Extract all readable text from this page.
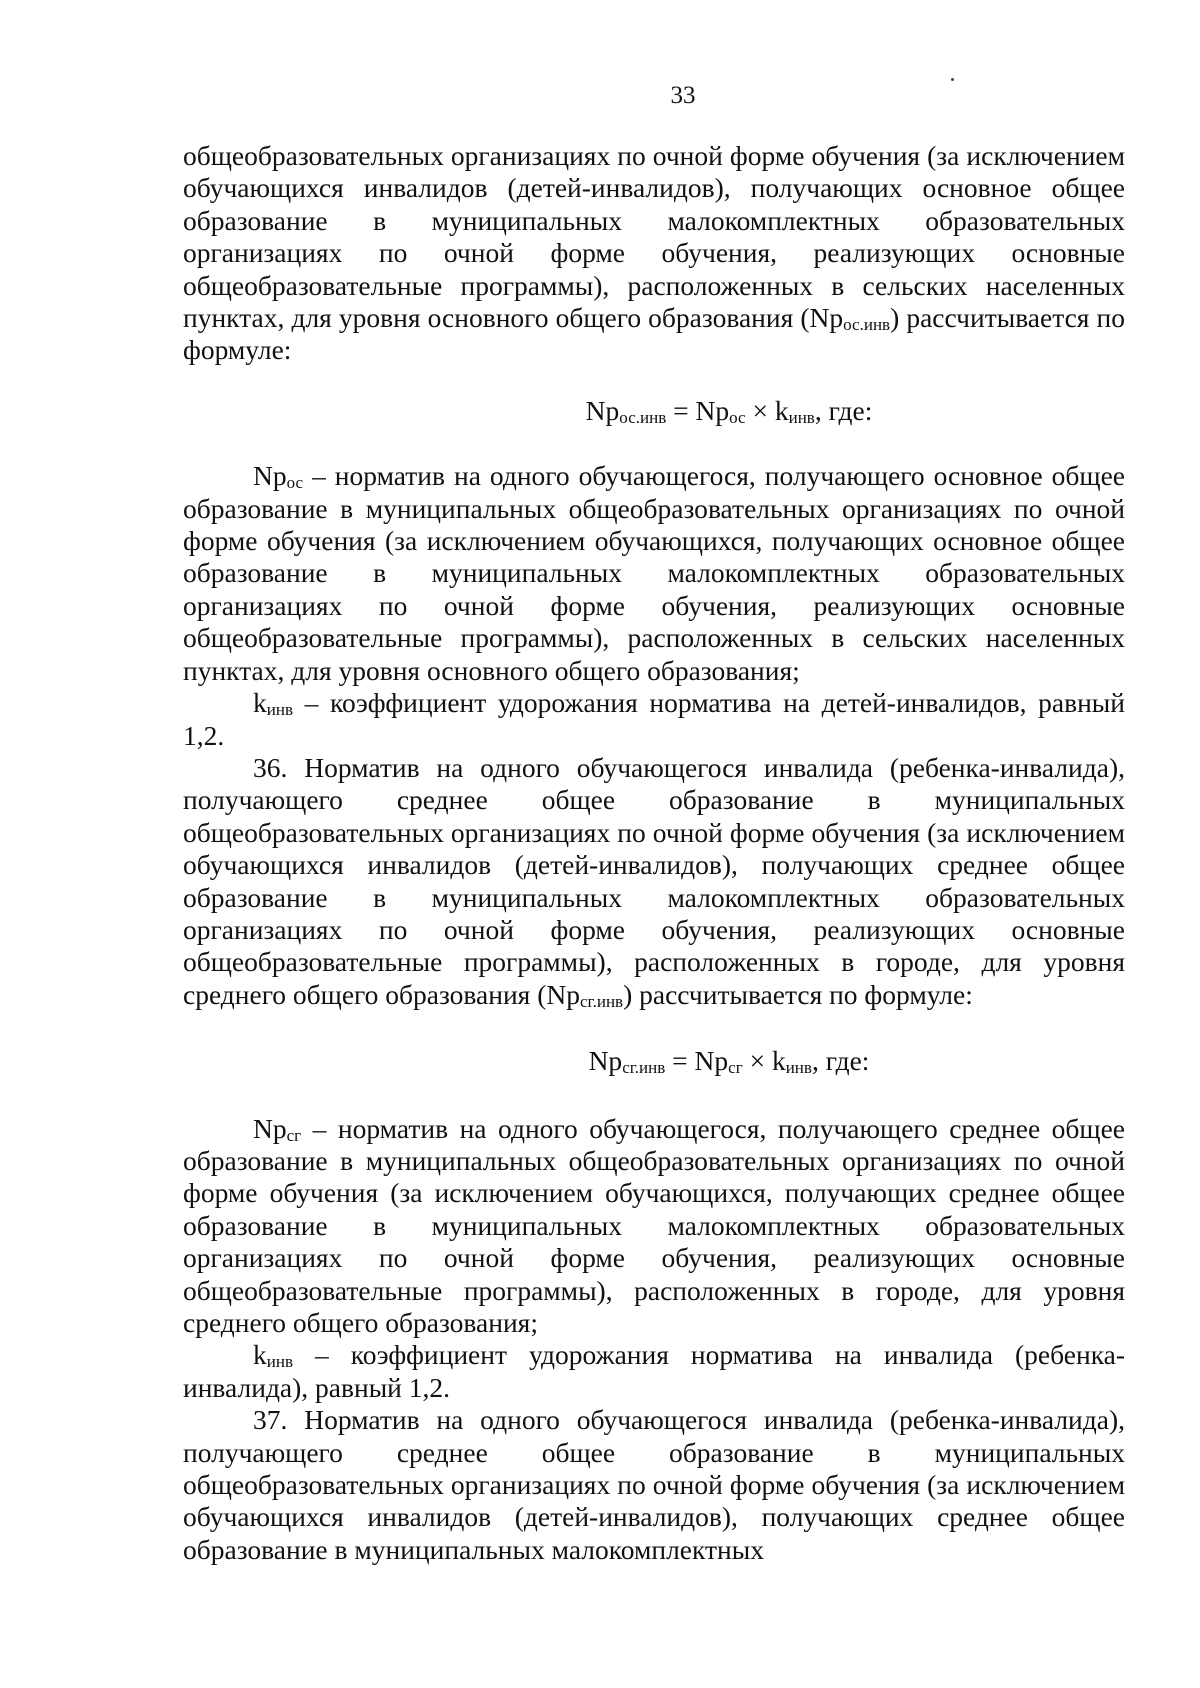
33

общеобразовательных организациях по очной форме обучения (за исключением обучающихся инвалидов (детей-инвалидов), получающих основное общее образование в муниципальных малокомплектных образовательных организациях по очной форме обучения, реализующих основные общеобразовательные программы), расположенных в сельских населенных пунктах, для уровня основного общего образования $(Np_{ос.инв})$ рассчитывается по формуле:

$Np_{ос.инв} = Np_{ос} \times k_{инв}$, где:

$Np_{ос}$ – норматив на одного обучающегося, получающего основное общее образование в муниципальных общеобразовательных организациях по очной форме обучения (за исключением обучающихся, получающих основное общее образование в муниципальных малокомплектных образовательных организациях по очной форме обучения, реализующих основные общеобразовательные программы), расположенных в сельских населенных пунктах, для уровня основного общего образования;

$k_{инв}$ – коэффициент удорожания норматива на детей-инвалидов, равный 1,2.

36. Норматив на одного обучающегося инвалида (ребенка-инвалида), получающего среднее общее образование в муниципальных общеобразовательных организациях по очной форме обучения (за исключением обучающихся инвалидов (детей-инвалидов), получающих среднее общее образование в муниципальных малокомплектных образовательных организациях по очной форме обучения, реализующих основные общеобразовательные программы), расположенных в городе, для уровня среднего общего образования $(Np_{сг.инв})$ рассчитывается по формуле:

$Np_{сг.инв} = Np_{сг} \times k_{инв}$, где:

$Np_{сг}$ – норматив на одного обучающегося, получающего среднее общее образование в муниципальных общеобразовательных организациях по очной форме обучения (за исключением обучающихся, получающих среднее общее образование в муниципальных малокомплектных образовательных организациях по очной форме обучения, реализующих основные общеобразовательные программы), расположенных в городе, для уровня среднего общего образования;

$k_{инв}$ – коэффициент удорожания норматива на инвалида (ребенка-инвалида), равный 1,2.

37. Норматив на одного обучающегося инвалида (ребенка-инвалида), получающего среднее общее образование в муниципальных общеобразовательных организациях по очной форме обучения (за исключением обучающихся инвалидов (детей-инвалидов), получающих среднее общее образование в муниципальных малокомплектных
